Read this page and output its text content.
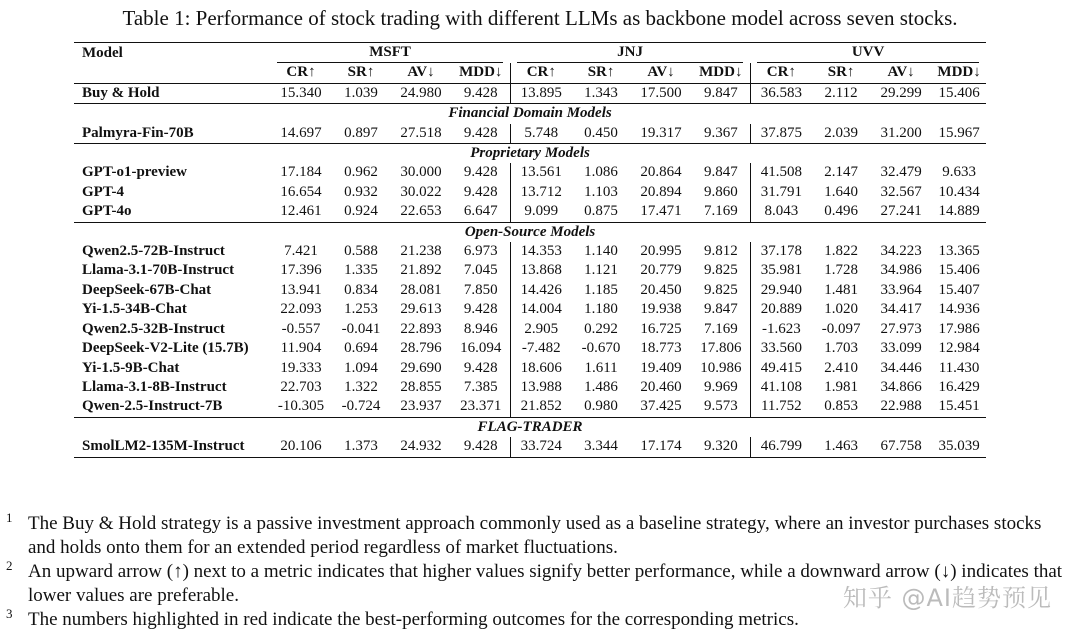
Table 1: Performance of stock trading with different LLMs as backbone model across seven stocks.
Model	MSFT				JNJ				UVV			
	CR↑	SR↑	AV↓	MDD↓	CR↑	SR↑	AV↓	MDD↓	CR↑	SR↑	AV↓	MDD↓
Buy & Hold	15.340	1.039	24.980	9.428	13.895	1.343	17.500	9.847	36.583	2.112	29.299	15.406
Financial Domain Models												
Palmyra-Fin-70B	14.697	0.897	27.518	9.428	5.748	0.450	19.317	9.367	37.875	2.039	31.200	15.967
Proprietary Models												
GPT-o1-preview	17.184	0.962	30.000	9.428	13.561	1.086	20.864	9.847	41.508	2.147	32.479	9.633
GPT-4	16.654	0.932	30.022	9.428	13.712	1.103	20.894	9.860	31.791	1.640	32.567	10.434
GPT-4o	12.461	0.924	22.653	6.647	9.099	0.875	17.471	7.169	8.043	0.496	27.241	14.889
Open-Source Models												
Qwen2.5-72B-Instruct	7.421	0.588	21.238	6.973	14.353	1.140	20.995	9.812	37.178	1.822	34.223	13.365
Llama-3.1-70B-Instruct	17.396	1.335	21.892	7.045	13.868	1.121	20.779	9.825	35.981	1.728	34.986	15.406
DeepSeek-67B-Chat	13.941	0.834	28.081	7.850	14.426	1.185	20.450	9.825	29.940	1.481	33.964	15.407
Yi-1.5-34B-Chat	22.093	1.253	29.613	9.428	14.004	1.180	19.938	9.847	20.889	1.020	34.417	14.936
Qwen2.5-32B-Instruct	-0.557	-0.041	22.893	8.946	2.905	0.292	16.725	7.169	-1.623	-0.097	27.973	17.986
DeepSeek-V2-Lite (15.7B)	11.904	0.694	28.796	16.094	-7.482	-0.670	18.773	17.806	33.560	1.703	33.099	12.984
Yi-1.5-9B-Chat	19.333	1.094	29.690	9.428	18.606	1.611	19.409	10.986	49.415	2.410	34.446	11.430
Llama-3.1-8B-Instruct	22.703	1.322	28.855	7.385	13.988	1.486	20.460	9.969	41.108	1.981	34.866	16.429
Qwen-2.5-Instruct-7B	-10.305	-0.724	23.937	23.371	21.852	0.980	37.425	9.573	11.752	0.853	22.988	15.451
FLAG-TRADER												
SmolLM2-135M-Instruct	20.106	1.373	24.932	9.428	33.724	3.344	17.174	9.320	46.799	1.463	67.758	35.039
1 The Buy & Hold strategy is a passive investment approach commonly used as a baseline strategy, where an investor purchases stocks and holds onto them for an extended period regardless of market fluctuations.
2 An upward arrow (↑) next to a metric indicates that higher values signify better performance, while a downward arrow (↓) indicates that lower values are preferable.
3 The numbers highlighted in red indicate the best-performing outcomes for the corresponding metrics.
知乎 @AI趋势预见
